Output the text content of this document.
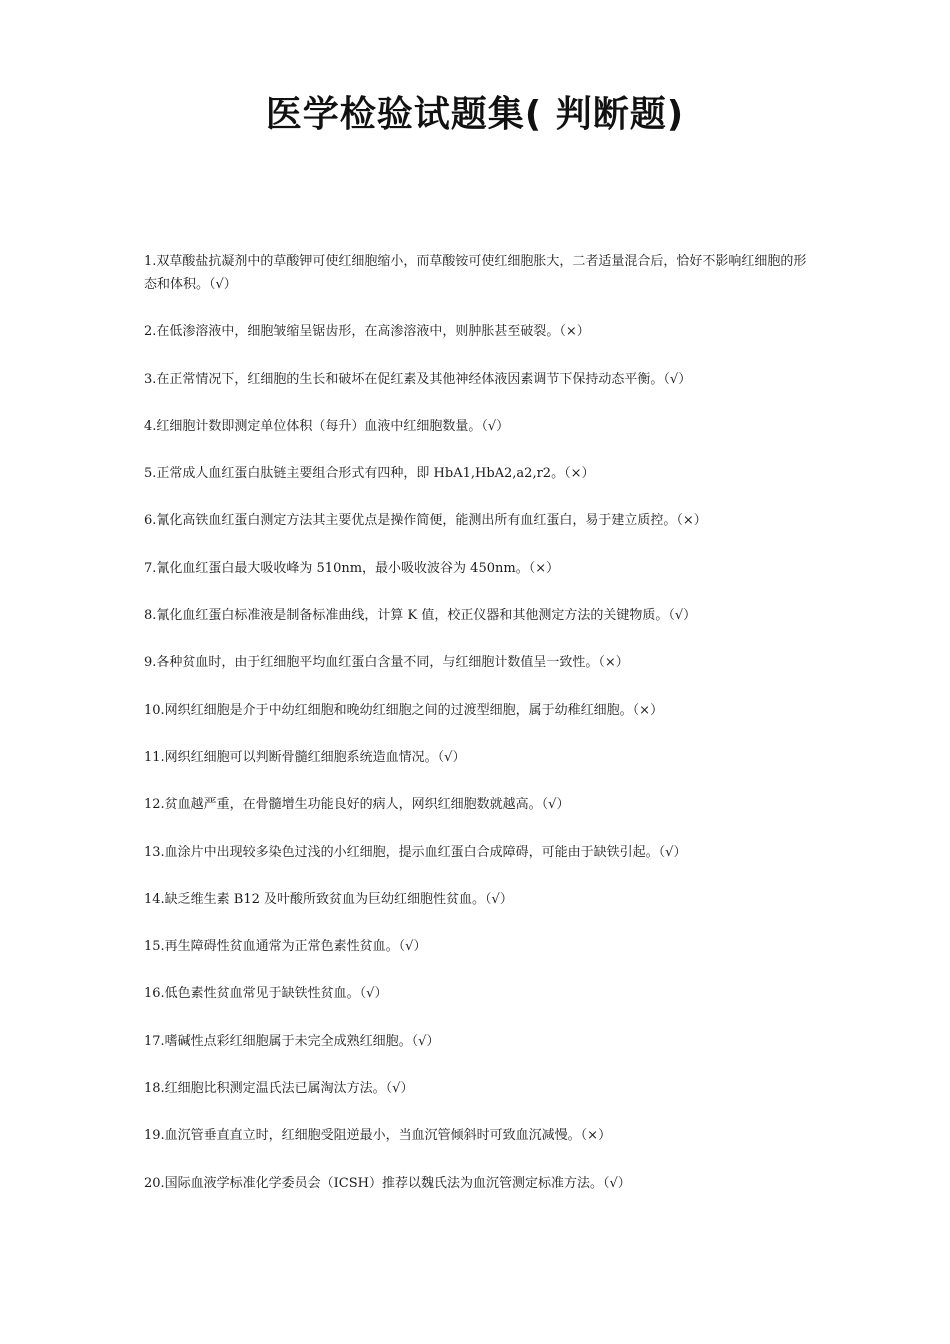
医学检验试题集( 判断题)
1.双草酸盐抗凝剂中的草酸钾可使红细胞缩小，而草酸铵可使红细胞胀大，二者适量混合后，恰好不影响红细胞的形态和体积。（√）
2.在低渗溶液中，细胞皱缩呈锯齿形，在高渗溶液中，则肿胀甚至破裂。（×）
3.在正常情况下，红细胞的生长和破坏在促红素及其他神经体液因素调节下保持动态平衡。（√）
4.红细胞计数即测定单位体积（每升）血液中红细胞数量。（√）
5.正常成人血红蛋白肽链主要组合形式有四种，即 HbA1,HbA2,a2,r2。（×）
6.氰化高铁血红蛋白测定方法其主要优点是操作简便，能测出所有血红蛋白，易于建立质控。（×）
7.氰化血红蛋白最大吸收峰为 510nm，最小吸收波谷为 450nm。（×）
8.氰化血红蛋白标准液是制备标准曲线，计算 K 值，校正仪器和其他测定方法的关键物质。（√）
9.各种贫血时，由于红细胞平均血红蛋白含量不同，与红细胞计数值呈一致性。（×）
10.网织红细胞是介于中幼红细胞和晚幼红细胞之间的过渡型细胞，属于幼稚红细胞。（×）
11.网织红细胞可以判断骨髓红细胞系统造血情况。（√）
12.贫血越严重，在骨髓增生功能良好的病人，网织红细胞数就越高。（√）
13.血涂片中出现较多染色过浅的小红细胞，提示血红蛋白合成障碍，可能由于缺铁引起。（√）
14.缺乏维生素 B12 及叶酸所致贫血为巨幼红细胞性贫血。（√）
15.再生障碍性贫血通常为正常色素性贫血。（√）
16.低色素性贫血常见于缺铁性贫血。（√）
17.嗜碱性点彩红细胞属于未完全成熟红细胞。（√）
18.红细胞比积测定温氏法已属淘汰方法。（√）
19.血沉管垂直直立时，红细胞受阻逆最小，当血沉管倾斜时可致血沉减慢。（×）
20.国际血液学标准化学委员会（ICSH）推荐以魏氏法为血沉管测定标准方法。（√）
